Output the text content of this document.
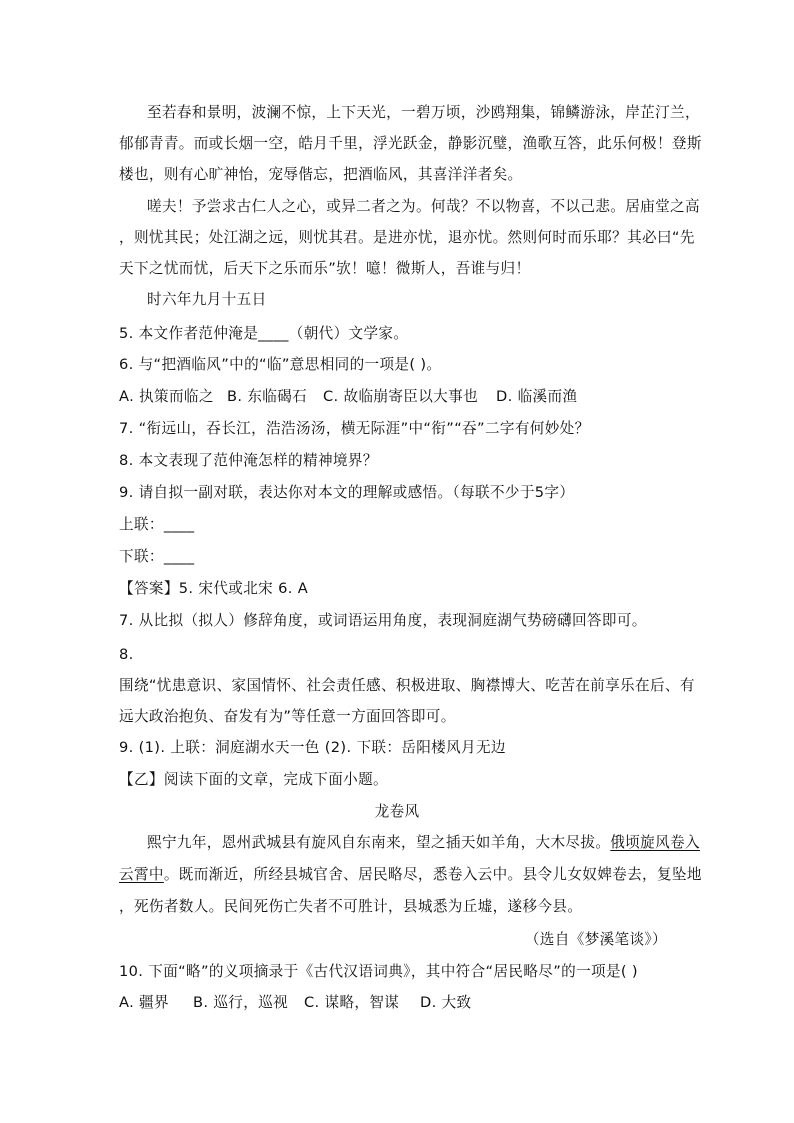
至若春和景明，波澜不惊，上下天光，一碧万顷，沙鸥翔集，锦鳞游泳，岸芷汀兰，
郁郁青青。而或长烟一空，皓月千里，浮光跃金，静影沉璧，渔歌互答，此乐何极！登斯
楼也，则有心旷神怡，宠辱偕忘，把酒临风，其喜洋洋者矣。
嗟夫！予尝求古仁人之心，或异二者之为。何哉？不以物喜，不以己悲。居庙堂之高
，则忧其民；处江湖之远，则忧其君。是进亦忧，退亦忧。然则何时而乐耶？其必曰“先
天下之忧而忧，后天下之乐而乐”欤！噫！微斯人，吾谁与归！
时六年九月十五日
5. 本文作者范仲淹是____（朝代）文学家。
6. 与“把酒临风”中的“临”意思相同的一项是( )。
A. 执策而临之 B. 东临碣石 C. 故临崩寄臣以大事也 D. 临溪而渔
7. “衔远山，吞长江，浩浩汤汤，横无际涯”中“衔”“吞”二字有何妙处？
8. 本文表现了范仲淹怎样的精神境界？
9. 请自拟一副对联，表达你对本文的理解或感悟。（每联不少于5字）
上联：____
下联：____
【答案】5. 宋代或北宋 6. A
7. 从比拟（拟人）修辞角度，或词语运用角度，表现洞庭湖气势磅礴回答即可。
8.
围绕“忧患意识、家国情怀、社会责任感、积极进取、胸襟博大、吃苦在前享乐在后、有
远大政治抱负、奋发有为”等任意一方面回答即可。
9. (1). 上联：洞庭湖水天一色 (2). 下联：岳阳楼风月无边
【乙】阅读下面的文章，完成下面小题。
龙卷风
熙宁九年，恩州武城县有旋风自东南来，望之插天如羊角，大木尽拔。俄顷旋风卷入
云霄中。既而渐近，所经县城官舍、居民略尽，悉卷入云中。县令儿女奴婢卷去，复坠地
，死伤者数人。民间死伤亡失者不可胜计，县城悉为丘墟，遂移今县。
（选自《梦溪笔谈》）
10. 下面“略”的义项摘录于《古代汉语词典》，其中符合“居民略尽”的一项是( )
A. 疆界 B. 巡行，巡视 C. 谋略，智谋 D. 大致
